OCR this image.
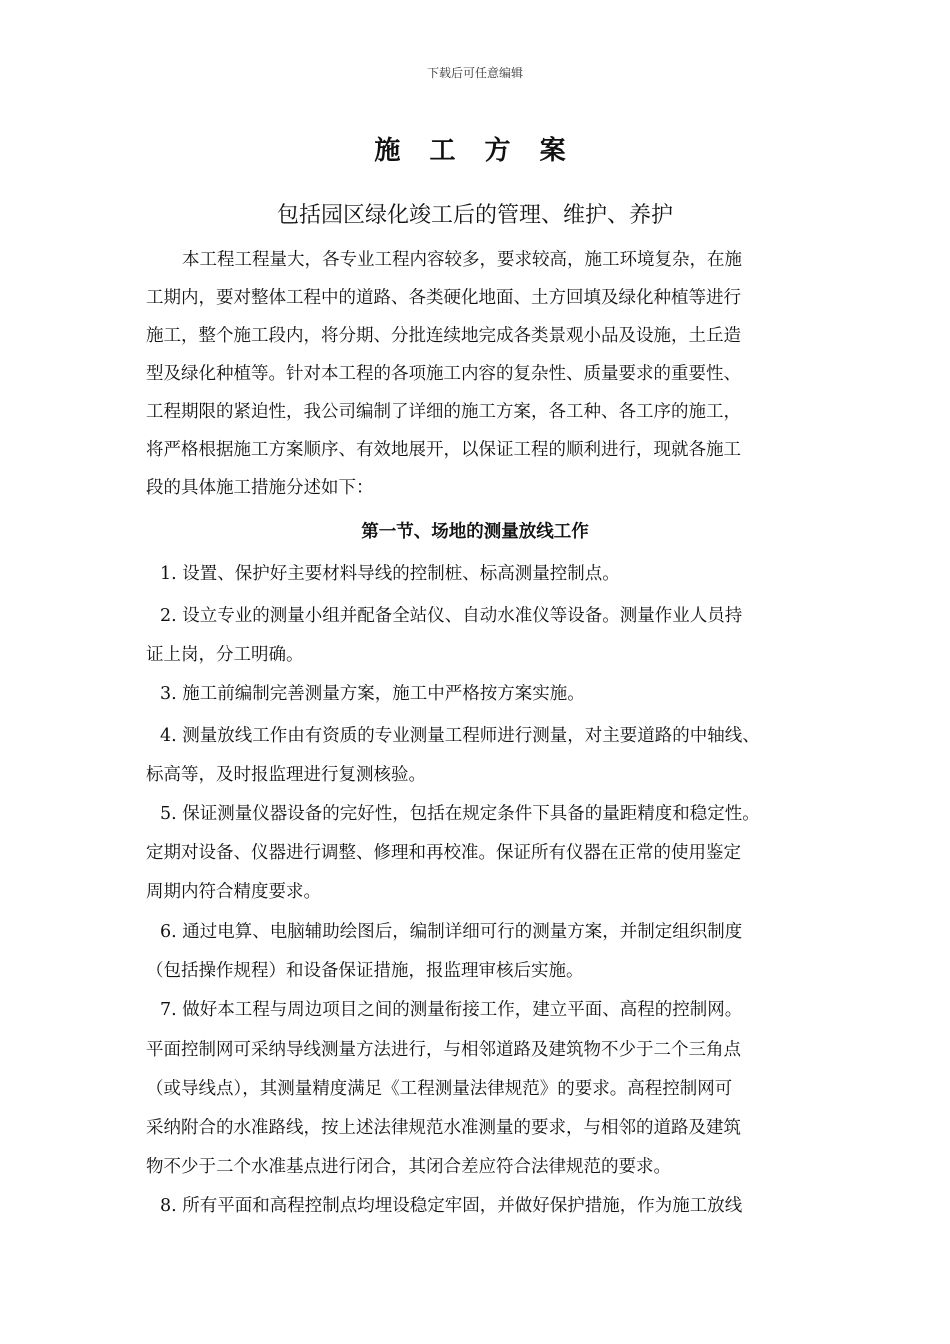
下载后可任意编辑
施 工 方 案
包括园区绿化竣工后的管理、维护、养护
本工程工程量大，各专业工程内容较多，要求较高，施工环境复杂，在施
工期内，要对整体工程中的道路、各类硬化地面、土方回填及绿化种植等进行
施工，整个施工段内，将分期、分批连续地完成各类景观小品及设施，土丘造
型及绿化种植等。针对本工程的各项施工内容的复杂性、质量要求的重要性、
工程期限的紧迫性，我公司编制了详细的施工方案，各工种、各工序的施工，
将严格根据施工方案顺序、有效地展开，以保证工程的顺利进行，现就各施工
段的具体施工措施分述如下：
第一节、场地的测量放线工作
1. 设置、保护好主要材料导线的控制桩、标高测量控制点。
2. 设立专业的测量小组并配备全站仪、自动水准仪等设备。测量作业人员持
证上岗，分工明确。
3. 施工前编制完善测量方案，施工中严格按方案实施。
4. 测量放线工作由有资质的专业测量工程师进行测量，对主要道路的中轴线、
标高等，及时报监理进行复测核验。
5. 保证测量仪器设备的完好性，包括在规定条件下具备的量距精度和稳定性。
定期对设备、仪器进行调整、修理和再校准。保证所有仪器在正常的使用鉴定
周期内符合精度要求。
6. 通过电算、电脑辅助绘图后，编制详细可行的测量方案，并制定组织制度
（包括操作规程）和设备保证措施，报监理审核后实施。
7. 做好本工程与周边项目之间的测量衔接工作，建立平面、高程的控制网。
平面控制网可采纳导线测量方法进行，与相邻道路及建筑物不少于二个三角点
（或导线点），其测量精度满足《工程测量法律规范》的要求。高程控制网可
采纳附合的水准路线，按上述法律规范水准测量的要求，与相邻的道路及建筑
物不少于二个水准基点进行闭合，其闭合差应符合法律规范的要求。
8. 所有平面和高程控制点均埋设稳定牢固，并做好保护措施，作为施工放线
